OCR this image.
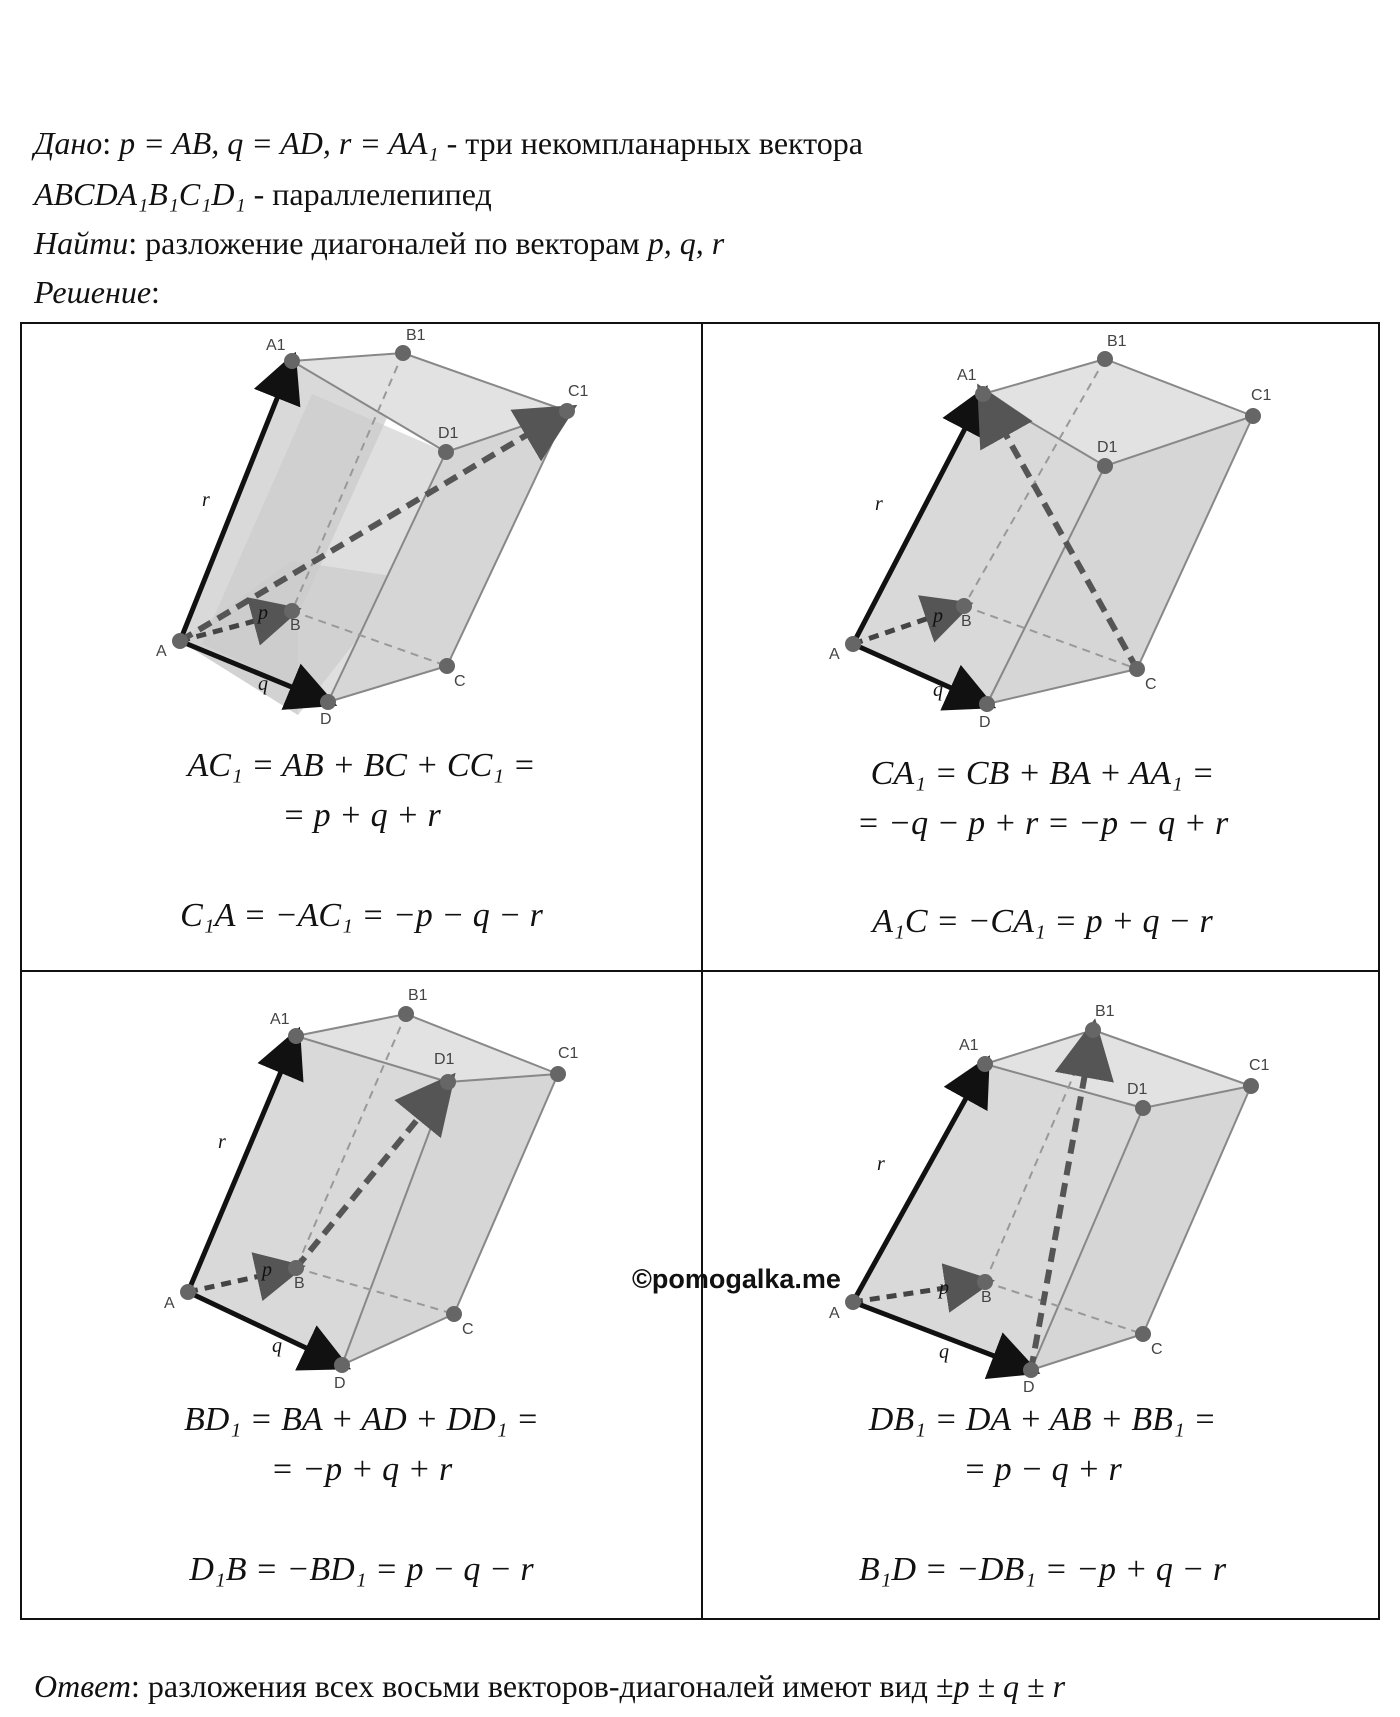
Дано: p = AB, q = AD, r = AA₁ - три некомпланарных вектора
ABCDA₁B₁C₁D₁ - параллелепипед
Найти: разложение диагоналей по векторам p, q, r
Решение:
A
B
C
D
A1
B1
C1
D1
p
q
r
AC₁ = AB + BC + CC₁ =
= p + q + r
C₁A = −AC₁ = −p − q − r
A
B
C
D
A1
B1
C1
D1
p
q
r
CA₁ = CB + BA + AA₁ =
= −q − p + r = −p − q + r
A₁C = −CA₁ = p + q − r
A
B
C
D
A1
B1
C1
D1
p
q
r
BD₁ = BA + AD + DD₁ =
= −p + q + r
D₁B = −BD₁ = p − q − r
A
B
C
D
A1
B1
C1
D1
p
q
r
DB₁ = DA + AB + BB₁ =
= p − q + r
B₁D = −DB₁ = −p + q − r
©pomogalka.me
Ответ: разложения всех восьми векторов-диагоналей имеют вид ±p ± q ± r
